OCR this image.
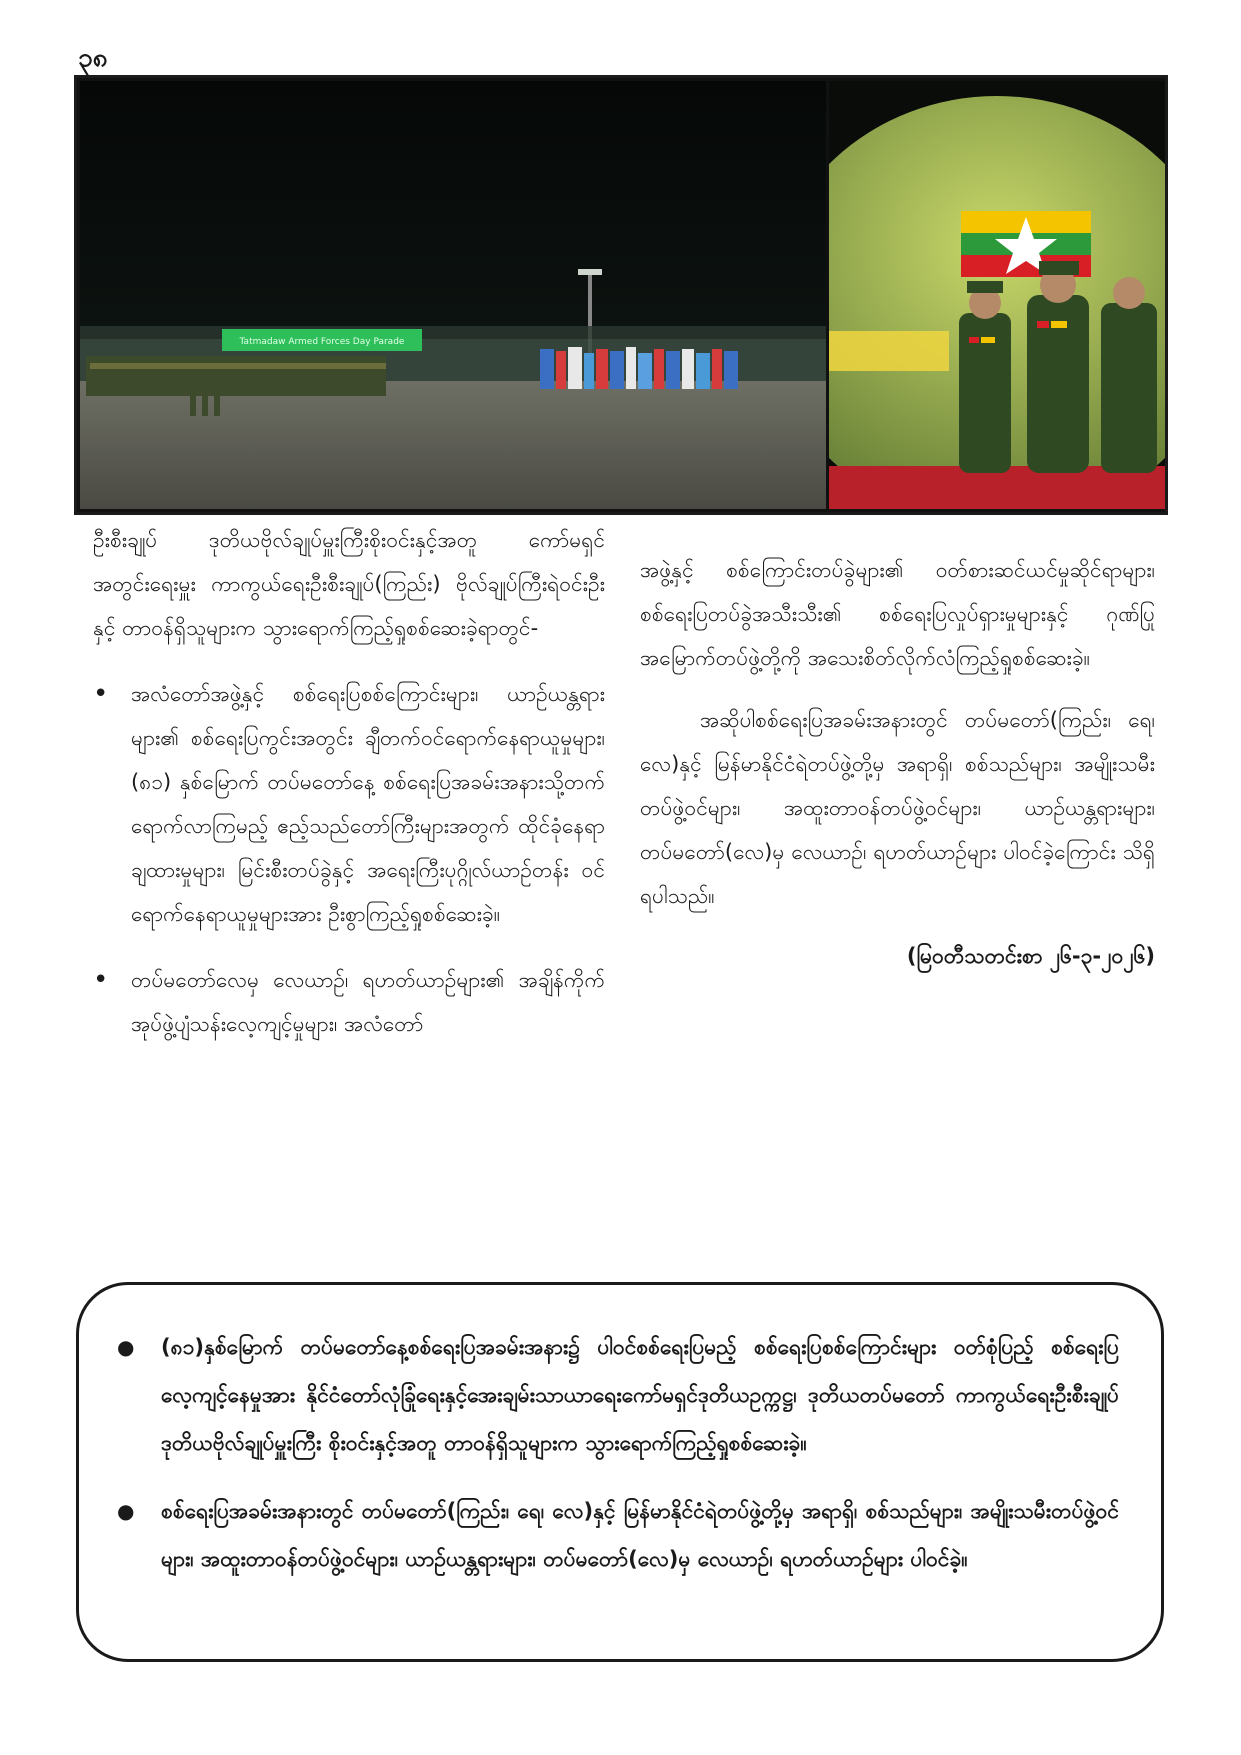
၃၈
Tatmadaw Armed Forces Day Parade

ဦးစီးချုပ် ဒုတိယဗိုလ်ချုပ်မှူးကြီးစိုးဝင်းနှင့်အတူ ကော်မရှင်အတွင်းရေးမှူး ကာကွယ်ရေးဦးစီးချုပ်(ကြည်း) ဗိုလ်ချုပ်ကြီးရဲဝင်းဦးနှင့် တာဝန်ရှိသူများက သွားရောက်ကြည့်ရှုစစ်ဆေးခဲ့ရာတွင်-

• အလံတော်အဖွဲ့နှင့် စစ်ရေးပြစစ်ကြောင်းများ၊ ယာဉ်ယန္တရားများ၏ စစ်ရေးပြကွင်းအတွင်း ချီတက်ဝင်ရောက်နေရာယူမှုများ၊ (၈၁) နှစ်မြောက် တပ်မတော်နေ့ စစ်ရေးပြအခမ်းအနားသို့တက်ရောက်လာကြမည့် ဧည့်သည်တော်ကြီးများအတွက် ထိုင်ခုံနေရာချထားမှုများ၊ မြင်းစီးတပ်ခွဲနှင့် အရေးကြီးပုဂ္ဂိုလ်ယာဉ်တန်း ဝင်ရောက်နေရာယူမှုများအား ဦးစွာကြည့်ရှုစစ်ဆေးခဲ့။
• တပ်မတော်လေမှ လေယာဉ်၊ ရဟတ်ယာဉ်များ၏ အချိန်ကိုက် အုပ်ဖွဲ့ပျံသန်းလေ့ကျင့်မှုများ၊ အလံတော်

အဖွဲ့နှင့် စစ်ကြောင်းတပ်ခွဲများ၏ ဝတ်စားဆင်ယင်မှုဆိုင်ရာများ၊ စစ်ရေးပြတပ်ခွဲအသီးသီး၏ စစ်ရေးပြလှုပ်ရှားမှုများနှင့် ဂုဏ်ပြုအမြောက်တပ်ဖွဲ့တို့ကို အသေးစိတ်လိုက်လံကြည့်ရှုစစ်ဆေးခဲ့။

အဆိုပါစစ်ရေးပြအခမ်းအနားတွင် တပ်မတော်(ကြည်း၊ ရေ၊ လေ)နှင့် မြန်မာနိုင်ငံရဲတပ်ဖွဲ့တို့မှ အရာရှိ၊ စစ်သည်များ၊ အမျိုးသမီးတပ်ဖွဲ့ဝင်များ၊ အထူးတာဝန်တပ်ဖွဲ့ဝင်များ၊ ယာဉ်ယန္တရားများ၊ တပ်မတော်(လေ)မှ လေယာဉ်၊ ရဟတ်ယာဉ်များ ပါဝင်ခဲ့ကြောင်း သိရှိရပါသည်။

(မြဝတီသတင်းစာ ၂၆-၃-၂၀၂၆)

● (၈၁)နှစ်မြောက် တပ်မတော်နေ့စစ်ရေးပြအခမ်းအနား၌ ပါဝင်စစ်ရေးပြမည့် စစ်ရေးပြစစ်ကြောင်းများ ဝတ်စုံပြည့် စစ်ရေးပြလေ့ကျင့်နေမှုအား နိုင်ငံတော်လုံခြုံရေးနှင့်အေးချမ်းသာယာရေးကော်မရှင်ဒုတိယဥက္ကဋ္ဌ၊ ဒုတိယတပ်မတော် ကာကွယ်ရေးဦးစီးချုပ် ဒုတိယဗိုလ်ချုပ်မှူးကြီး စိုးဝင်းနှင့်အတူ တာဝန်ရှိသူများက သွားရောက်ကြည့်ရှုစစ်ဆေးခဲ့။
● စစ်ရေးပြအခမ်းအနားတွင် တပ်မတော်(ကြည်း၊ ရေ၊ လေ)နှင့် မြန်မာနိုင်ငံရဲတပ်ဖွဲ့တို့မှ အရာရှိ၊ စစ်သည်များ၊ အမျိုးသမီးတပ်ဖွဲ့ဝင်များ၊ အထူးတာဝန်တပ်ဖွဲ့ဝင်များ၊ ယာဉ်ယန္တရားများ၊ တပ်မတော်(လေ)မှ လေယာဉ်၊ ရဟတ်ယာဉ်များ ပါဝင်ခဲ့။
